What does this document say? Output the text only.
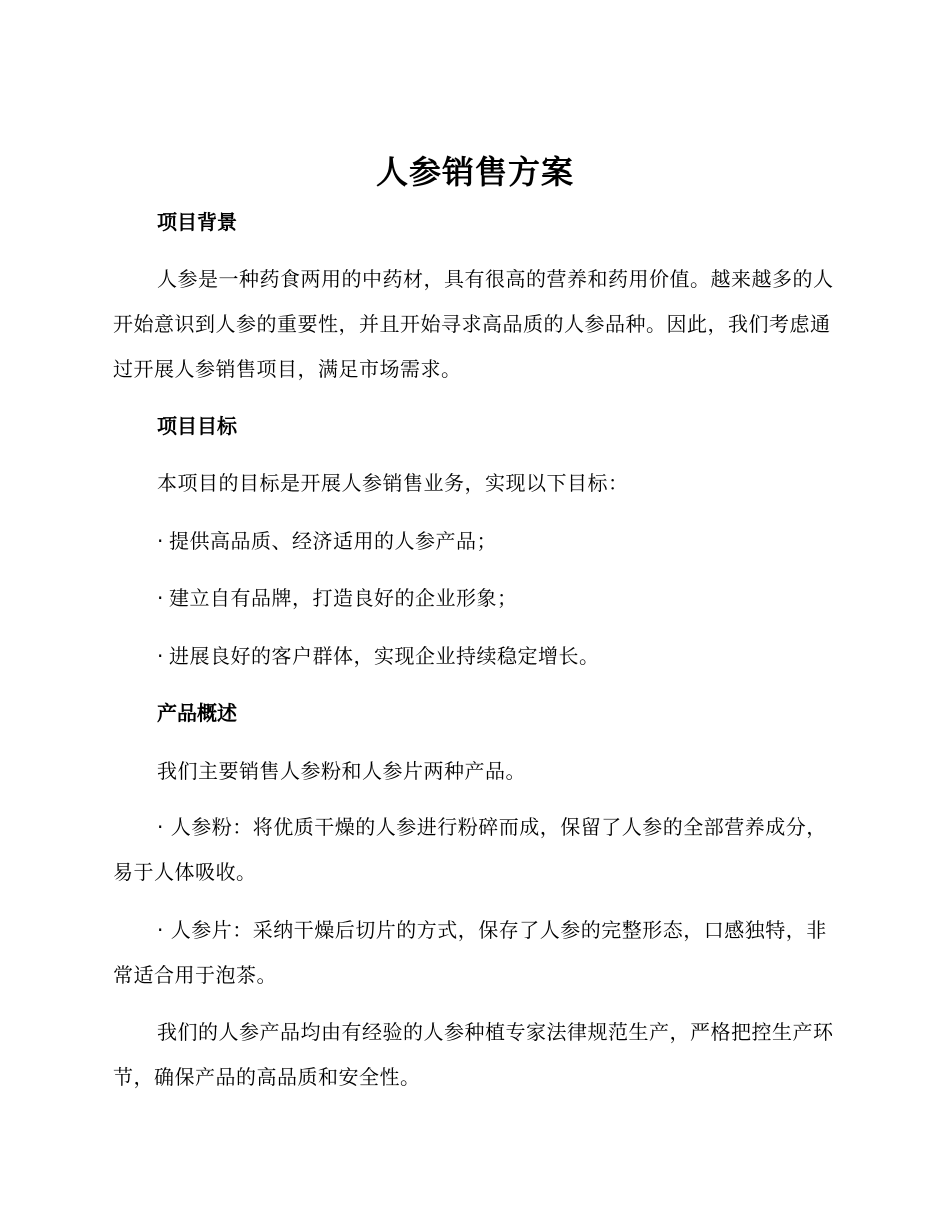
人参销售方案
项目背景
人参是一种药食两用的中药材，具有很高的营养和药用价值。越来越多的人开始意识到人参的重要性，并且开始寻求高品质的人参品种。因此，我们考虑通过开展人参销售项目，满足市场需求。
项目目标
本项目的目标是开展人参销售业务，实现以下目标：
· 提供高品质、经济适用的人参产品；
· 建立自有品牌，打造良好的企业形象；
· 进展良好的客户群体，实现企业持续稳定增长。
产品概述
我们主要销售人参粉和人参片两种产品。
· 人参粉：将优质干燥的人参进行粉碎而成，保留了人参的全部营养成分，易于人体吸收。
· 人参片：采纳干燥后切片的方式，保存了人参的完整形态，口感独特，非常适合用于泡茶。
我们的人参产品均由有经验的人参种植专家法律规范生产，严格把控生产环节，确保产品的高品质和安全性。
